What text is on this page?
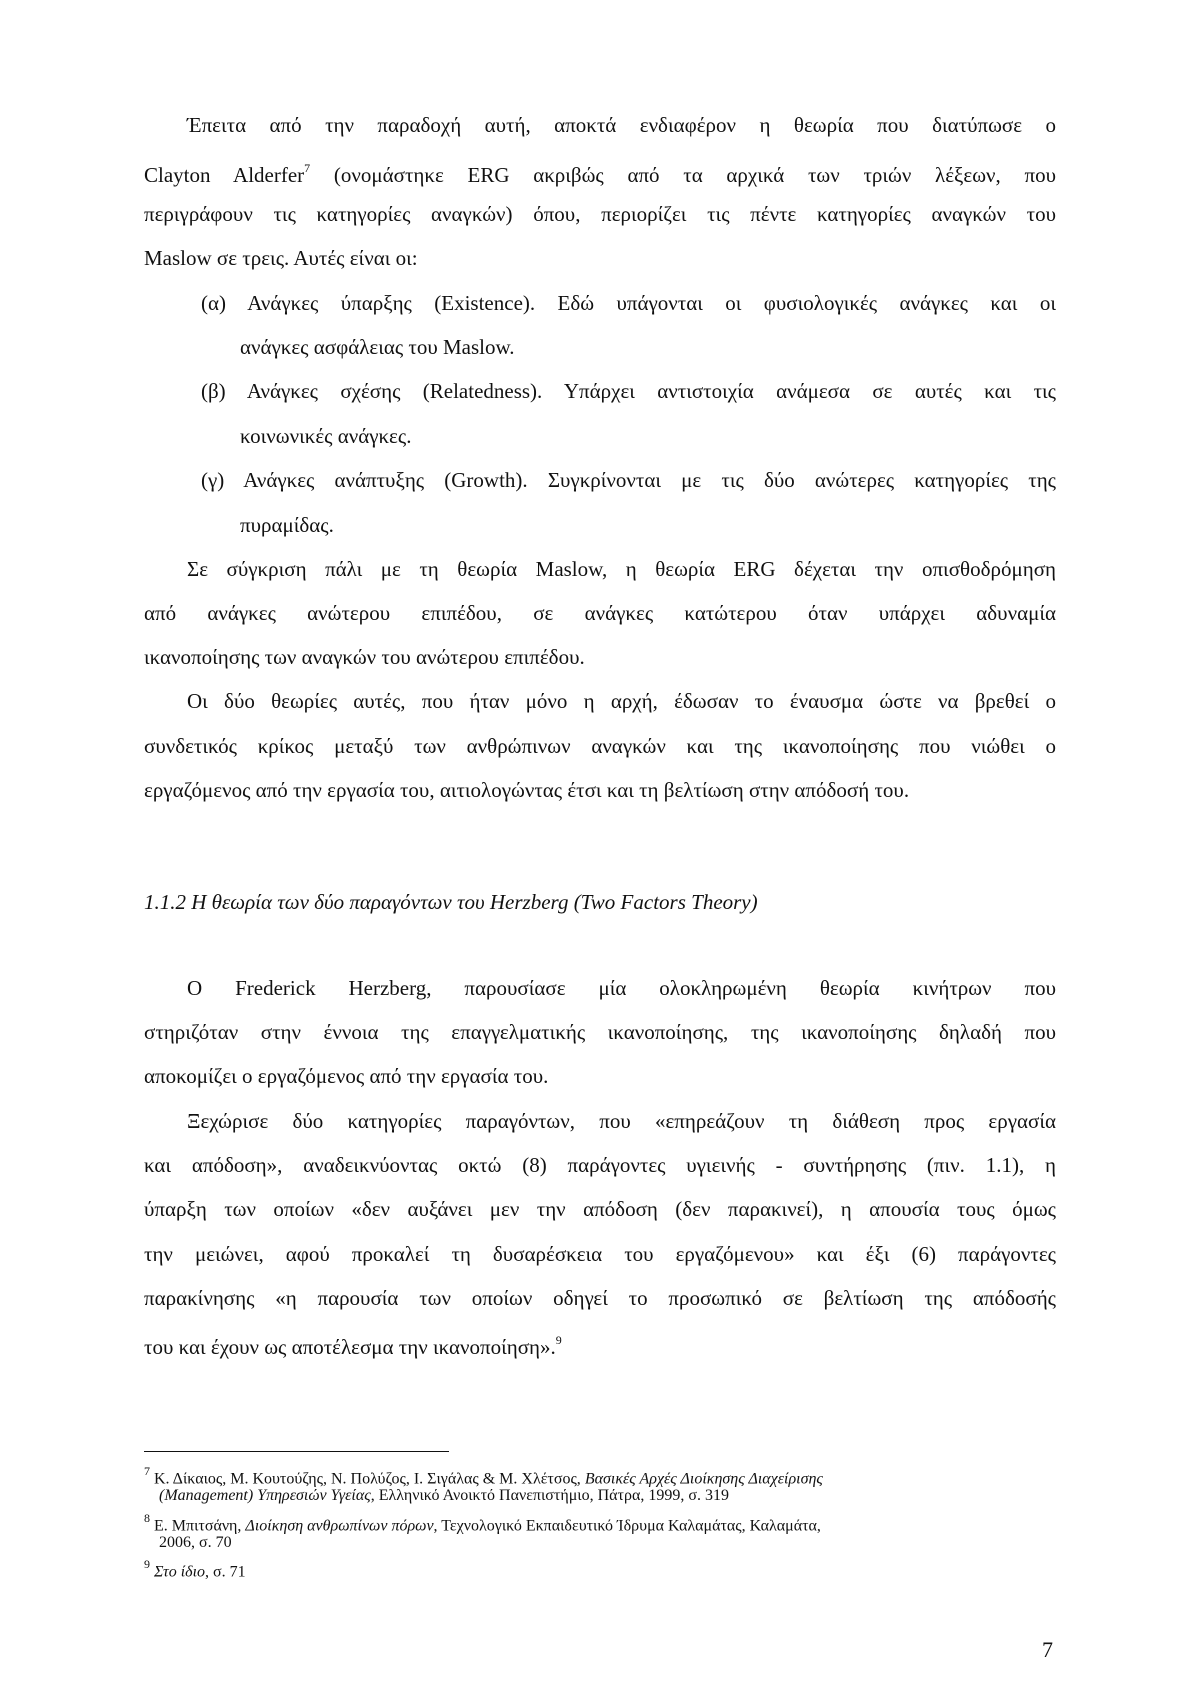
Έπειτα από την παραδοχή αυτή, αποκτά ενδιαφέρον η θεωρία που διατύπωσε ο
Clayton Alderfer$^7$ (ονομάστηκε ERG ακριβώς από τα αρχικά των τριών λέξεων, που
περιγράφουν τις κατηγορίες αναγκών) όπου, περιορίζει τις πέντε κατηγορίες αναγκών του
Maslow σε τρεις. Αυτές είναι οι:
(α) Ανάγκες ύπαρξης (Existence). Εδώ υπάγονται οι φυσιολογικές ανάγκες και οι
ανάγκες ασφάλειας του Maslow.
(β) Ανάγκες σχέσης (Relatedness). Υπάρχει αντιστοιχία ανάμεσα σε αυτές και τις
κοινωνικές ανάγκες.
(γ) Ανάγκες ανάπτυξης (Growth). Συγκρίνονται με τις δύο ανώτερες κατηγορίες της
πυραμίδας.
Σε σύγκριση πάλι με τη θεωρία Maslow, η θεωρία ERG δέχεται την οπισθοδρόμηση
από ανάγκες ανώτερου επιπέδου, σε ανάγκες κατώτερου όταν υπάρχει αδυναμία
ικανοποίησης των αναγκών του ανώτερου επιπέδου.
Οι δύο θεωρίες αυτές, που ήταν μόνο η αρχή, έδωσαν το έναυσμα ώστε να βρεθεί ο
συνδετικός κρίκος μεταξύ των ανθρώπινων αναγκών και της ικανοποίησης που νιώθει ο
εργαζόμενος από την εργασία του, αιτιολογώντας έτσι και τη βελτίωση στην απόδοσή του.
1.1.2 Η θεωρία των δύο παραγόντων του Herzberg (Two Factors Theory)
Ο Frederick Herzberg, παρουσίασε μία ολοκληρωμένη θεωρία κινήτρων που
στηριζόταν στην έννοια της επαγγελματικής ικανοποίησης, της ικανοποίησης δηλαδή που
αποκομίζει ο εργαζόμενος από την εργασία του.
Ξεχώρισε δύο κατηγορίες παραγόντων, που «επηρεάζουν τη διάθεση προς εργασία
και απόδοση», αναδεικνύοντας οκτώ (8) παράγοντες υγιεινής - συντήρησης (πιν. 1.1), η
ύπαρξη των οποίων «δεν αυξάνει μεν την απόδοση (δεν παρακινεί), η απουσία τους όμως
την μειώνει, αφού προκαλεί τη δυσαρέσκεια του εργαζόμενου» και έξι (6) παράγοντες
παρακίνησης «η παρουσία των οποίων οδηγεί το προσωπικό σε βελτίωση της απόδοσής
του και έχουν ως αποτέλεσμα την ικανοποίηση».$^9$
$^7$ Κ. Δίκαιος, Μ. Κουτούζης, Ν. Πολύζος, Ι. Σιγάλας & Μ. Χλέτσος, Βασικές Αρχές Διοίκησης Διαχείρισης
(Management) Υπηρεσιών Υγείας, Ελληνικό Ανοικτό Πανεπιστήμιο, Πάτρα, 1999, σ. 319
$^8$ Ε. Μπιτσάνη, Διοίκηση ανθρωπίνων πόρων, Τεχνολογικό Εκπαιδευτικό Ίδρυμα Καλαμάτας, Καλαμάτα,
2006, σ. 70
$^9$ Στο ίδιο, σ. 71
7
